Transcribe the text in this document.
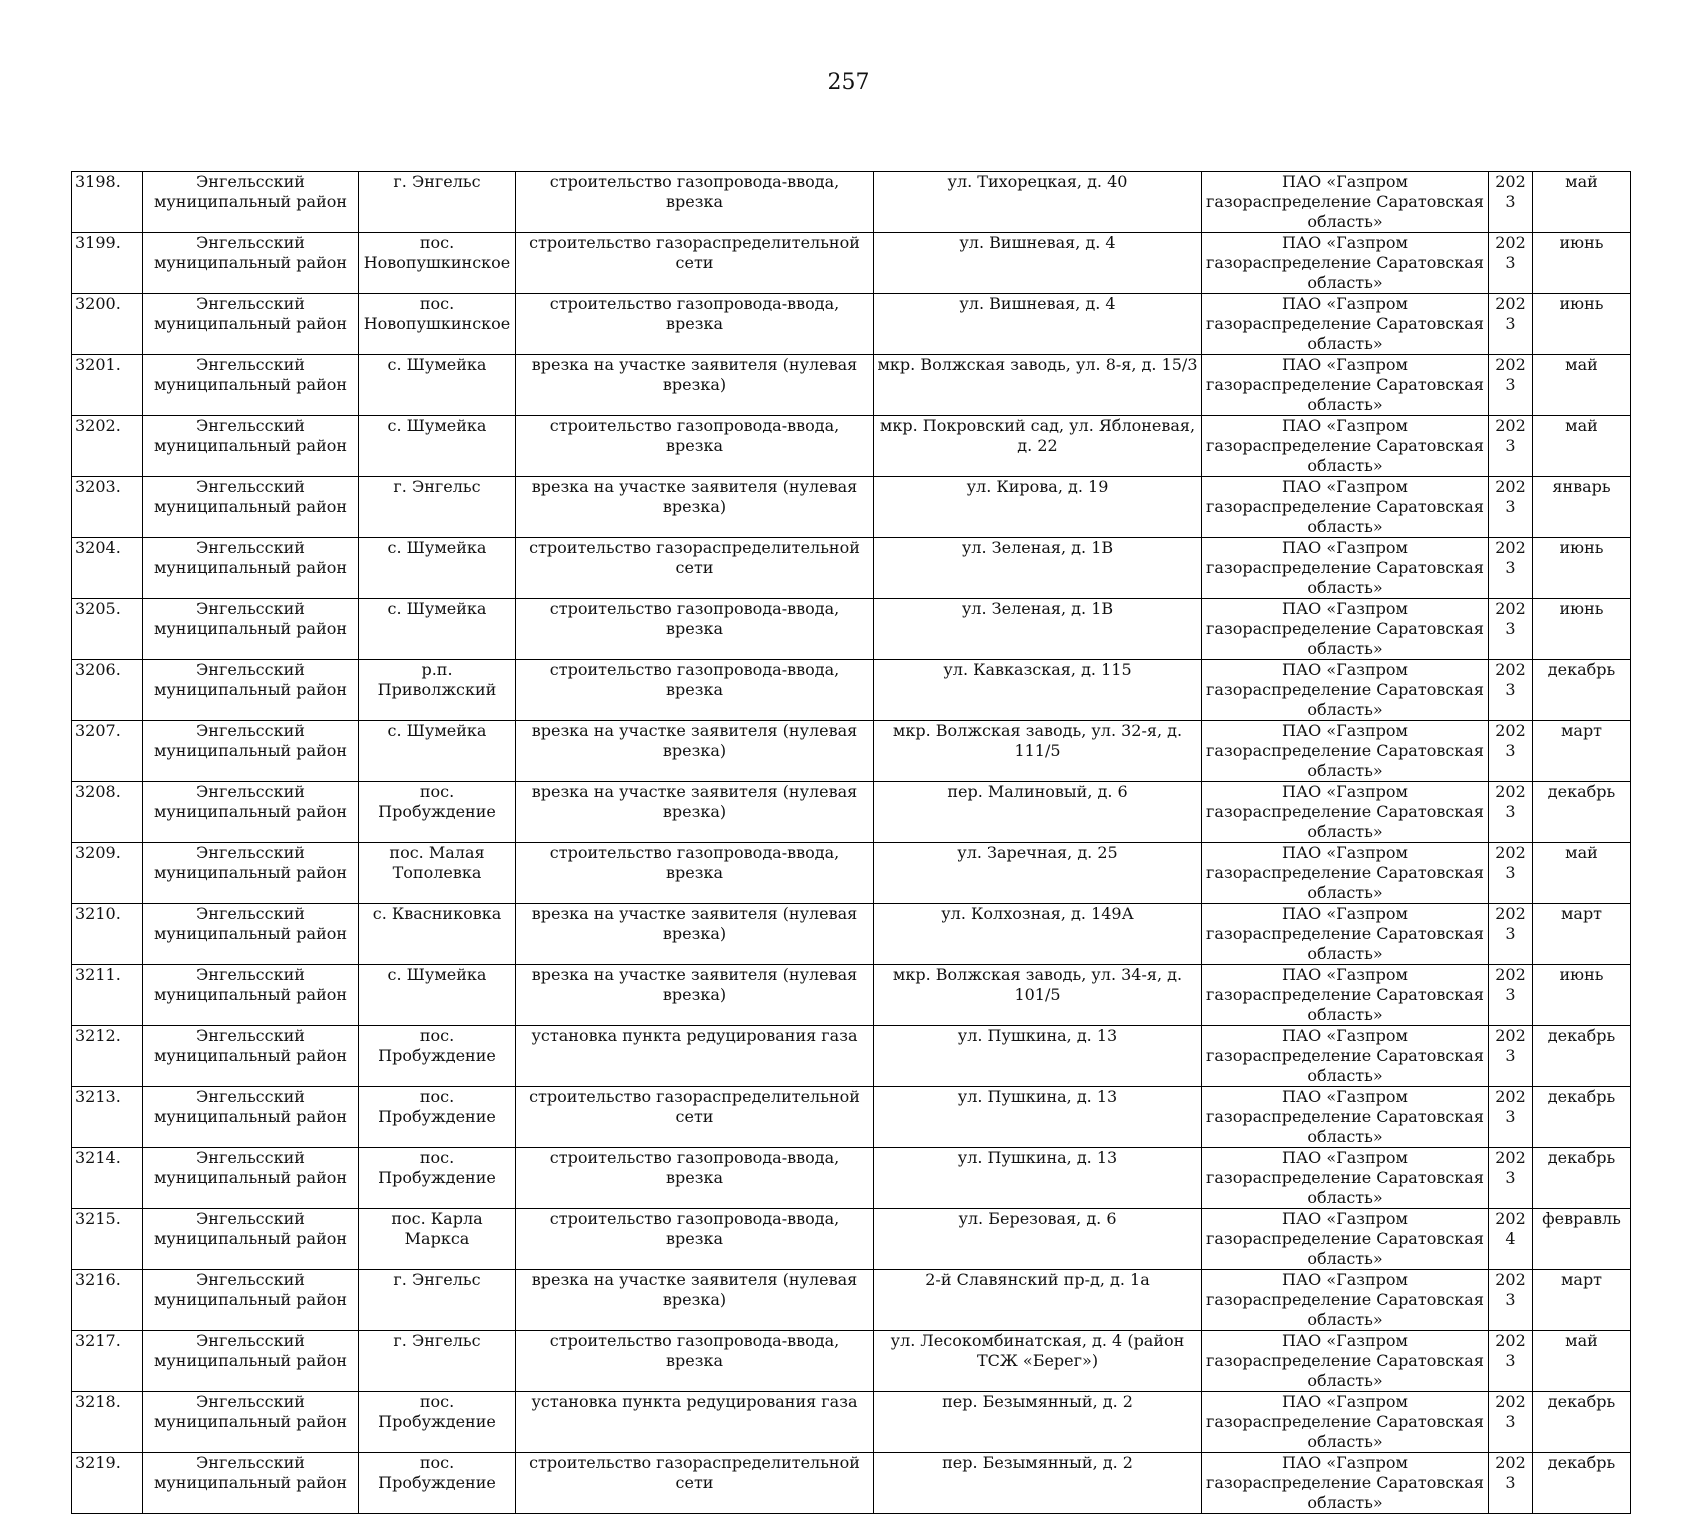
257
3198.	Энгельсский муниципальный район	г. Энгельс	строительство газопровода-ввода, врезка	ул. Тихорецкая, д. 40	ПАО «Газпром газораспределение Саратовская область»	2023	май
3199.	Энгельсский муниципальный район	пос. Новопушкинское	строительство газораспределительной сети	ул. Вишневая, д. 4	ПАО «Газпром газораспределение Саратовская область»	2023	июнь
3200.	Энгельсский муниципальный район	пос. Новопушкинское	строительство газопровода-ввода, врезка	ул. Вишневая, д. 4	ПАО «Газпром газораспределение Саратовская область»	2023	июнь
3201.	Энгельсский муниципальный район	с. Шумейка	врезка на участке заявителя (нулевая врезка)	мкр. Волжская заводь, ул. 8-я, д. 15/3	ПАО «Газпром газораспределение Саратовская область»	2023	май
3202.	Энгельсский муниципальный район	с. Шумейка	строительство газопровода-ввода, врезка	мкр. Покровский сад, ул. Яблоневая, д. 22	ПАО «Газпром газораспределение Саратовская область»	2023	май
3203.	Энгельсский муниципальный район	г. Энгельс	врезка на участке заявителя (нулевая врезка)	ул. Кирова, д. 19	ПАО «Газпром газораспределение Саратовская область»	2023	январь
3204.	Энгельсский муниципальный район	с. Шумейка	строительство газораспределительной сети	ул. Зеленая, д. 1В	ПАО «Газпром газораспределение Саратовская область»	2023	июнь
3205.	Энгельсский муниципальный район	с. Шумейка	строительство газопровода-ввода, врезка	ул. Зеленая, д. 1В	ПАО «Газпром газораспределение Саратовская область»	2023	июнь
3206.	Энгельсский муниципальный район	р.п. Приволжский	строительство газопровода-ввода, врезка	ул. Кавказская, д. 115	ПАО «Газпром газораспределение Саратовская область»	2023	декабрь
3207.	Энгельсский муниципальный район	с. Шумейка	врезка на участке заявителя (нулевая врезка)	мкр. Волжская заводь, ул. 32-я, д. 111/5	ПАО «Газпром газораспределение Саратовская область»	2023	март
3208.	Энгельсский муниципальный район	пос. Пробуждение	врезка на участке заявителя (нулевая врезка)	пер. Малиновый, д. 6	ПАО «Газпром газораспределение Саратовская область»	2023	декабрь
3209.	Энгельсский муниципальный район	пос. Малая Тополевка	строительство газопровода-ввода, врезка	ул. Заречная, д. 25	ПАО «Газпром газораспределение Саратовская область»	2023	май
3210.	Энгельсский муниципальный район	с. Квасниковка	врезка на участке заявителя (нулевая врезка)	ул. Колхозная, д. 149А	ПАО «Газпром газораспределение Саратовская область»	2023	март
3211.	Энгельсский муниципальный район	с. Шумейка	врезка на участке заявителя (нулевая врезка)	мкр. Волжская заводь, ул. 34-я, д. 101/5	ПАО «Газпром газораспределение Саратовская область»	2023	июнь
3212.	Энгельсский муниципальный район	пос. Пробуждение	установка пункта редуцирования газа	ул. Пушкина, д. 13	ПАО «Газпром газораспределение Саратовская область»	2023	декабрь
3213.	Энгельсский муниципальный район	пос. Пробуждение	строительство газораспределительной сети	ул. Пушкина, д. 13	ПАО «Газпром газораспределение Саратовская область»	2023	декабрь
3214.	Энгельсский муниципальный район	пос. Пробуждение	строительство газопровода-ввода, врезка	ул. Пушкина, д. 13	ПАО «Газпром газораспределение Саратовская область»	2023	декабрь
3215.	Энгельсский муниципальный район	пос. Карла Маркса	строительство газопровода-ввода, врезка	ул. Березовая, д. 6	ПАО «Газпром газораспределение Саратовская область»	2024	февравль
3216.	Энгельсский муниципальный район	г. Энгельс	врезка на участке заявителя (нулевая врезка)	2-й Славянский пр-д, д. 1а	ПАО «Газпром газораспределение Саратовская область»	2023	март
3217.	Энгельсский муниципальный район	г. Энгельс	строительство газопровода-ввода, врезка	ул. Лесокомбинатская, д. 4 (район ТСЖ «Берег»)	ПАО «Газпром газораспределение Саратовская область»	2023	май
3218.	Энгельсский муниципальный район	пос. Пробуждение	установка пункта редуцирования газа	пер. Безымянный, д. 2	ПАО «Газпром газораспределение Саратовская область»	2023	декабрь
3219.	Энгельсский муниципальный район	пос. Пробуждение	строительство газораспределительной сети	пер. Безымянный, д. 2	ПАО «Газпром газораспределение Саратовская область»	2023	декабрь
